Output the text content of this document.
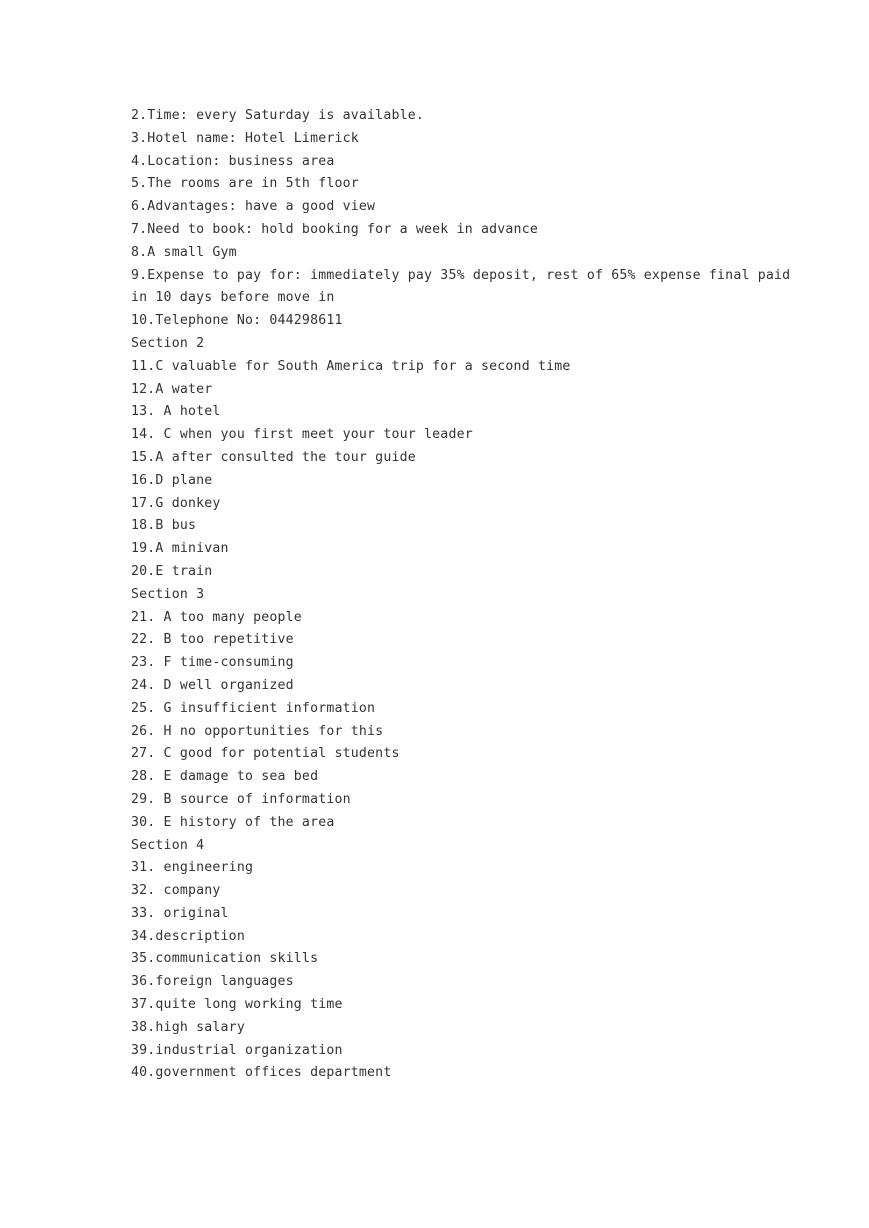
2.Time: every Saturday is available.
3.Hotel name: Hotel Limerick
4.Location: business area
5.The rooms are in 5th floor
6.Advantages: have a good view
7.Need to book: hold booking for a week in advance
8.A small Gym
9.Expense to pay for: immediately pay 35% deposit, rest of 65% expense final paid
in 10 days before move in
10.Telephone No: 044298611
Section 2
11.C valuable for South America trip for a second time
12.A water
13. A hotel
14. C when you first meet your tour leader
15.A after consulted the tour guide
16.D plane
17.G donkey
18.B bus
19.A minivan
20.E train
Section 3
21. A too many people
22. B too repetitive
23. F time-consuming
24. D well organized
25. G insufficient information
26. H no opportunities for this
27. C good for potential students
28. E damage to sea bed
29. B source of information
30. E history of the area
Section 4
31. engineering
32. company
33. original
34.description
35.communication skills
36.foreign languages
37.quite long working time
38.high salary
39.industrial organization
40.government offices department
